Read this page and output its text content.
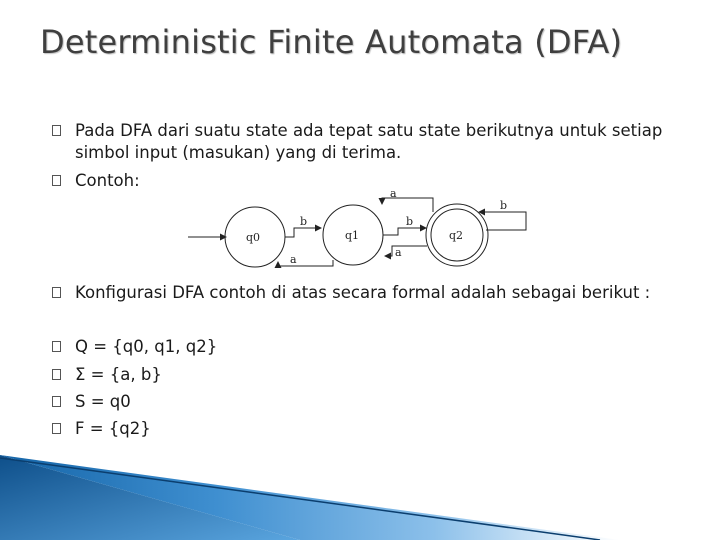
Deterministic Finite Automata (DFA)
Pada DFA dari suatu state ada tepat satu state berikutnya untuk setiap simbol input (masukan) yang di terima.
Contoh:
Konfigurasi DFA contoh di atas secara formal adalah sebagai berikut :
Q = {q0, q1, q2}
Σ = {a, b}
S = q0
F = {q2}
q0	q1	q2
b
a
b
a
b
a
